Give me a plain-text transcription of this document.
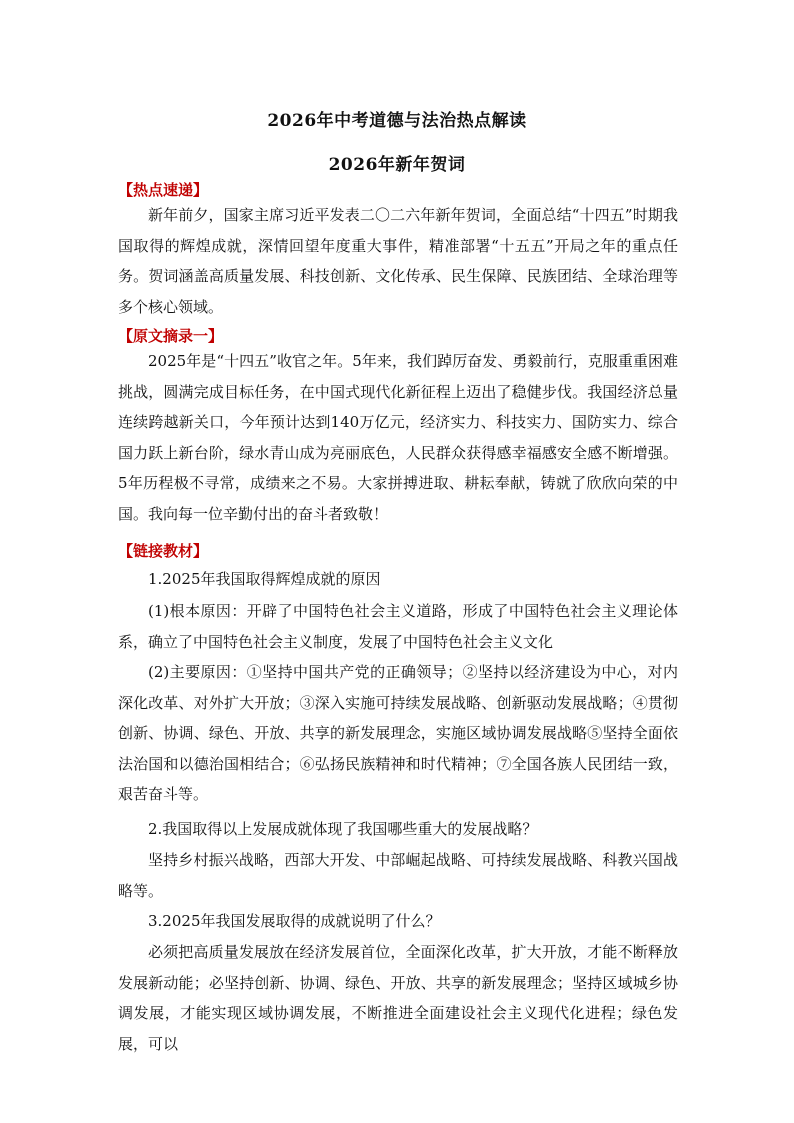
2026年中考道德与法治热点解读
2026年新年贺词
【热点速递】

新年前夕，国家主席习近平发表二〇二六年新年贺词，全面总结“十四五”时期我国取得的辉煌成就，深情回望年度重大事件，精准部署“十五五”开局之年的重点任务。贺词涵盖高质量发展、科技创新、文化传承、民生保障、民族团结、全球治理等多个核心领域。

【原文摘录一】

2025年是“十四五”收官之年。5年来，我们踔厉奋发、勇毅前行，克服重重困难挑战，圆满完成目标任务，在中国式现代化新征程上迈出了稳健步伐。我国经济总量连续跨越新关口，今年预计达到140万亿元，经济实力、科技实力、国防实力、综合国力跃上新台阶，绿水青山成为亮丽底色，人民群众获得感幸福感安全感不断增强。5年历程极不寻常，成绩来之不易。大家拼搏进取、耕耘奉献，铸就了欣欣向荣的中国。我向每一位辛勤付出的奋斗者致敬！

【链接教材】

1.2025年我国取得辉煌成就的原因

(1)根本原因：开辟了中国特色社会主义道路，形成了中国特色社会主义理论体系，确立了中国特色社会主义制度，发展了中国特色社会主义文化

(2)主要原因：①坚持中国共产党的正确领导；②坚持以经济建设为中心，对内深化改革、对外扩大开放；③深入实施可持续发展战略、创新驱动发展战略；④贯彻创新、协调、绿色、开放、共享的新发展理念，实施区域协调发展战略⑤坚持全面依法治国和以德治国相结合；⑥弘扬民族精神和时代精神；⑦全国各族人民团结一致，艰苦奋斗等。

2.我国取得以上发展成就体现了我国哪些重大的发展战略？

坚持乡村振兴战略，西部大开发、中部崛起战略、可持续发展战略、科教兴国战略等。

3.2025年我国发展取得的成就说明了什么？

必须把高质量发展放在经济发展首位，全面深化改革，扩大开放，才能不断释放发展新动能；必坚持创新、协调、绿色、开放、共享的新发展理念；坚持区域城乡协调发展，才能实现区域协调发展，不断推进全面建设社会主义现代化进程；绿色发展，可以
